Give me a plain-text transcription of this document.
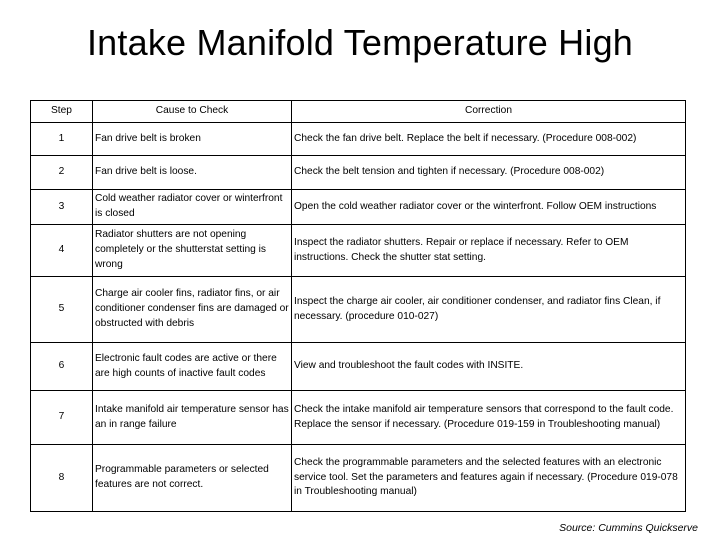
Intake Manifold Temperature High
Step	Cause to Check	Correction
1	Fan drive belt is broken	Check the fan drive belt. Replace the belt if necessary. (Procedure 008-002)
2	Fan drive belt is loose.	Check the belt tension and tighten if necessary. (Procedure 008-002)
3	Cold weather radiator cover or winterfront is closed	Open the cold weather radiator cover or the winterfront. Follow OEM instructions
4	Radiator shutters are not opening completely or the shutterstat setting is wrong	Inspect the radiator shutters. Repair or replace if necessary. Refer to OEM instructions. Check the shutter stat setting.
5	Charge air cooler fins, radiator fins, or air conditioner condenser fins are damaged or obstructed with debris	Inspect the charge air cooler, air conditioner condenser, and radiator fins Clean, if necessary. (procedure 010-027)
6	Electronic fault codes are active or there are high counts of inactive fault codes	View and troubleshoot the fault codes with INSITE.
7	Intake manifold air temperature sensor has an in range failure	Check the intake manifold air temperature sensors that correspond to the fault code. Replace the sensor if necessary. (Procedure 019-159 in Troubleshooting manual)
8	Programmable parameters or selected features are not correct.	Check the programmable parameters and the selected features with an electronic service tool. Set the parameters and features again if necessary. (Procedure 019-078 in Troubleshooting manual)
Source: Cummins Quickserve
